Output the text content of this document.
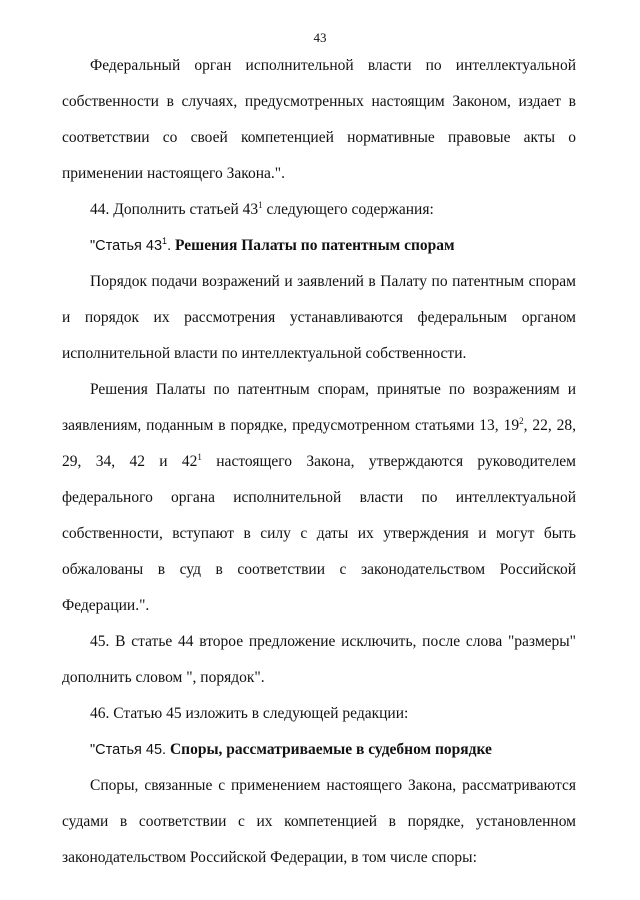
43

Федеральный орган исполнительной власти по интеллектуальной собственности в случаях, предусмотренных настоящим Законом, издает в соответствии со своей компетенцией нормативные правовые акты о применении настоящего Закона.".

44. Дополнить статьей $43^1$ следующего содержания:

"Статья $43^1$. Решения Палаты по патентным спорам

Порядок подачи возражений и заявлений в Палату по патентным спорам и порядок их рассмотрения устанавливаются федеральным органом исполнительной власти по интеллектуальной собственности.

Решения Палаты по патентным спорам, принятые по возражениям и заявлениям, поданным в порядке, предусмотренном статьями 13, $19^2$, 22, 28, 29, 34, 42 и $42^1$ настоящего Закона, утверждаются руководителем федерального органа исполнительной власти по интеллектуальной собственности, вступают в силу с даты их утверждения и могут быть обжалованы в суд в соответствии с законодательством Российской Федерации.".

45. В статье 44 второе предложение исключить, после слова "размеры" дополнить словом ", порядок".

46. Статью 45 изложить в следующей редакции:

"Статья 45. Споры, рассматриваемые в судебном порядке

Споры, связанные с применением настоящего Закона, рассматриваются судами в соответствии с их компетенцией в порядке, установленном законодательством Российской Федерации, в том числе споры:
